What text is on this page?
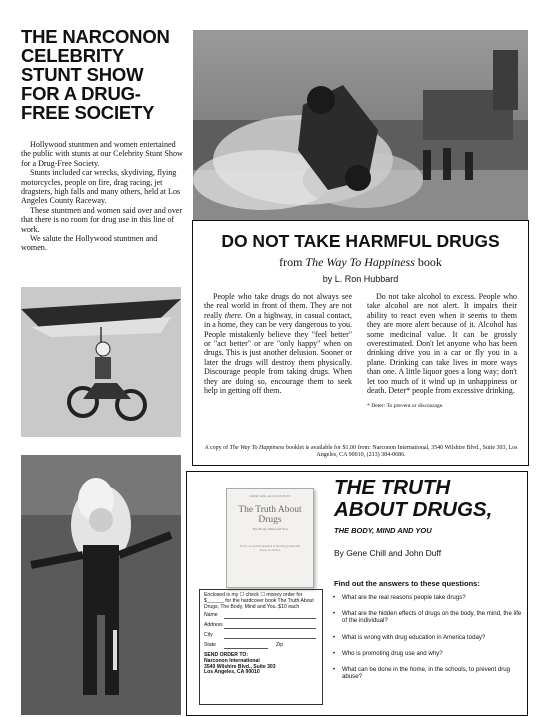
THE NARCONON CELEBRITY STUNT SHOW FOR A DRUG-FREE SOCIETY

Hollywood stuntmen and women entertained the public with stunts at our Celebrity Stunt Show for a Drug-Free Society.

Stunts included car wrecks, skydiving, flying motorcycles, people on fire, drag racing, jet dragsters, high falls and many others, held at Los Angeles County Raceway.

These stuntmen and women said over and over that there is no room for drug use in this line of work.

We salute the Hollywood stuntmen and women.	DO NOT TAKE HARMFUL DRUGS
from The Way To Happiness book
by L. Ron Hubbard

People who take drugs do not always see the real world in front of them. They are not really there. On a highway, in casual contact, in a home, they can be very dangerous to you. People mistakenly believe they "feel better" or "act better" or are "only happy" when on drugs. This is just another delusion. Sooner or later the drugs will destroy them physically. Discourage people from taking drugs. When they are doing so, encourage them to seek help in getting off them.

Do not take alcohol to excess. People who take alcohol are not alert. It impairs their ability to react even when it seems to them they are more alert because of it. Alcohol has some medicinal value. It can be grossly overestimated. Don't let anyone who has been drinking drive you in a car or fly you in a plane. Drinking can take lives in more ways than one. A little liquor goes a long way; don't let too much of it wind up in unhappiness or death. Deter* people from excessive drinking.

* Deter: To prevent or discourage.
A copy of The Way To Happiness booklet is available for $1.00 from: Narconon International, 3540 Wilshire Blvd., Suite 303, Los Angeles, CA 90010, (213) 384-0686.
GENE CHILL and JOHN DUFF
The Truth About Drugs
The Body, Mind and You
In fact, an essential appraisal of the drug problem and what to do about it.
THE TRUTH ABOUT DRUGS,
THE BODY, MIND AND YOU
By Gene Chill and John Duff
Enclosed is my ☐ check ☐ money order for $______ for the hardcover book The Truth About Drugs, The Body, Mind and You. $10 each
Name
Address
City
State	Zip
SEND ORDER TO:
Narconon International
3540 Wilshire Blvd., Suite 303
Los Angeles, CA 90010
Find out the answers to these questions:
• What are the real reasons people take drugs?
• What are the hidden effects of drugs on the body, the mind, the life of the individual?
• What is wrong with drug education in America today?
• Who is promoting drug use and why?
• What can be done in the home, in the schools, to prevent drug abuse?
